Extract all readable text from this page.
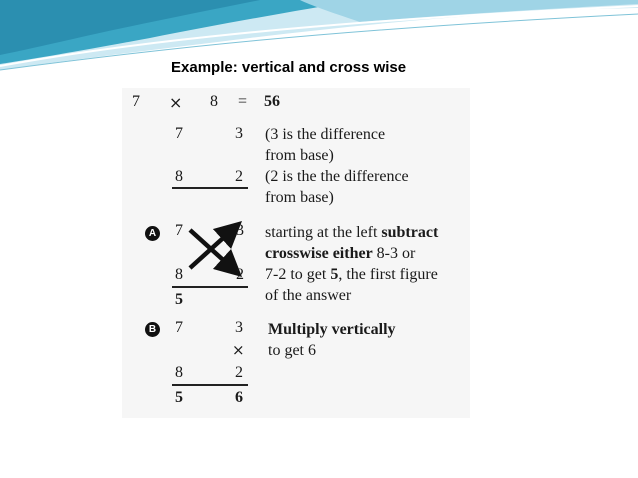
Example: vertical and cross wise
7 × 8 = 56
7	3 (3 is the difference
from base)
8	2 (2 is the the difference
from base)
A 7	3
8	2
5
starting at the left subtract
crosswise either 8-3 or
7-2 to get 5, the first figure
of the answer
B 7	3
×
8	2
5	6
Multiply vertically
to get 6
